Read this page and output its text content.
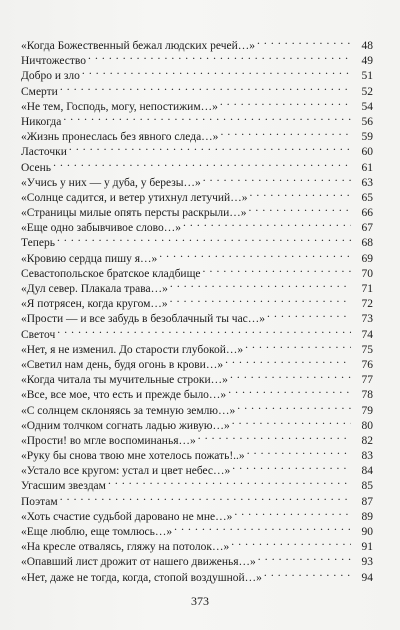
«Когда Божественный бежал людских речей…» . . .	48
Ничтожество . . .	49
Добро и зло . . .	51
Смерти . . .	52
«Не тем, Господь, могу, непостижим…» . . .	54
Никогда . . .	56
«Жизнь пронеслась без явного следа…» . . .	59
Ласточки . . .	60
Осень . . .	61
«Учись у них — у дуба, у березы…» . . .	63
«Солнце садится, и ветер утихнул летучий…» . . .	65
«Страницы милые опять персты раскрыли…» . . .	66
«Еще одно забывчивое слово…» . . .	67
Теперь . . .	68
«Кровию сердца пишу я…» . . .	69
Севастопольское братское кладбище . . .	70
«Дул север. Плакала трава…» . . .	71
«Я потрясен, когда кругом…» . . .	72
«Прости — и все забудь в безоблачный ты час…» . . .	73
Светоч . . .	74
«Нет, я не изменил. До старости глубокой…» . . .	75
«Светил нам день, будя огонь в крови…» . . .	76
«Когда читала ты мучительные строки…» . . .	77
«Все, все мое, что есть и прежде было…» . . .	78
«С солнцем склоняясь за темную землю…» . . .	79
«Одним толчком согнать ладью живую…» . . .	80
«Прости! во мгле воспоминанья…» . . .	82
«Руку бы снова твою мне хотелось пожать!..» . . .	83
«Устало все кругом: устал и цвет небес…» . . .	84
Угасшим звездам . . .	85
Поэтам . . .	87
«Хоть счастие судьбой даровано не мне…» . . .	89
«Еще люблю, еще томлюсь…» . . .	90
«На кресле отвалясь, гляжу на потолок…» . . .	91
«Опавший лист дрожит от нашего движенья…» . . .	93
«Нет, даже не тогда, когда, стопой воздушной…» . . .	94
373
